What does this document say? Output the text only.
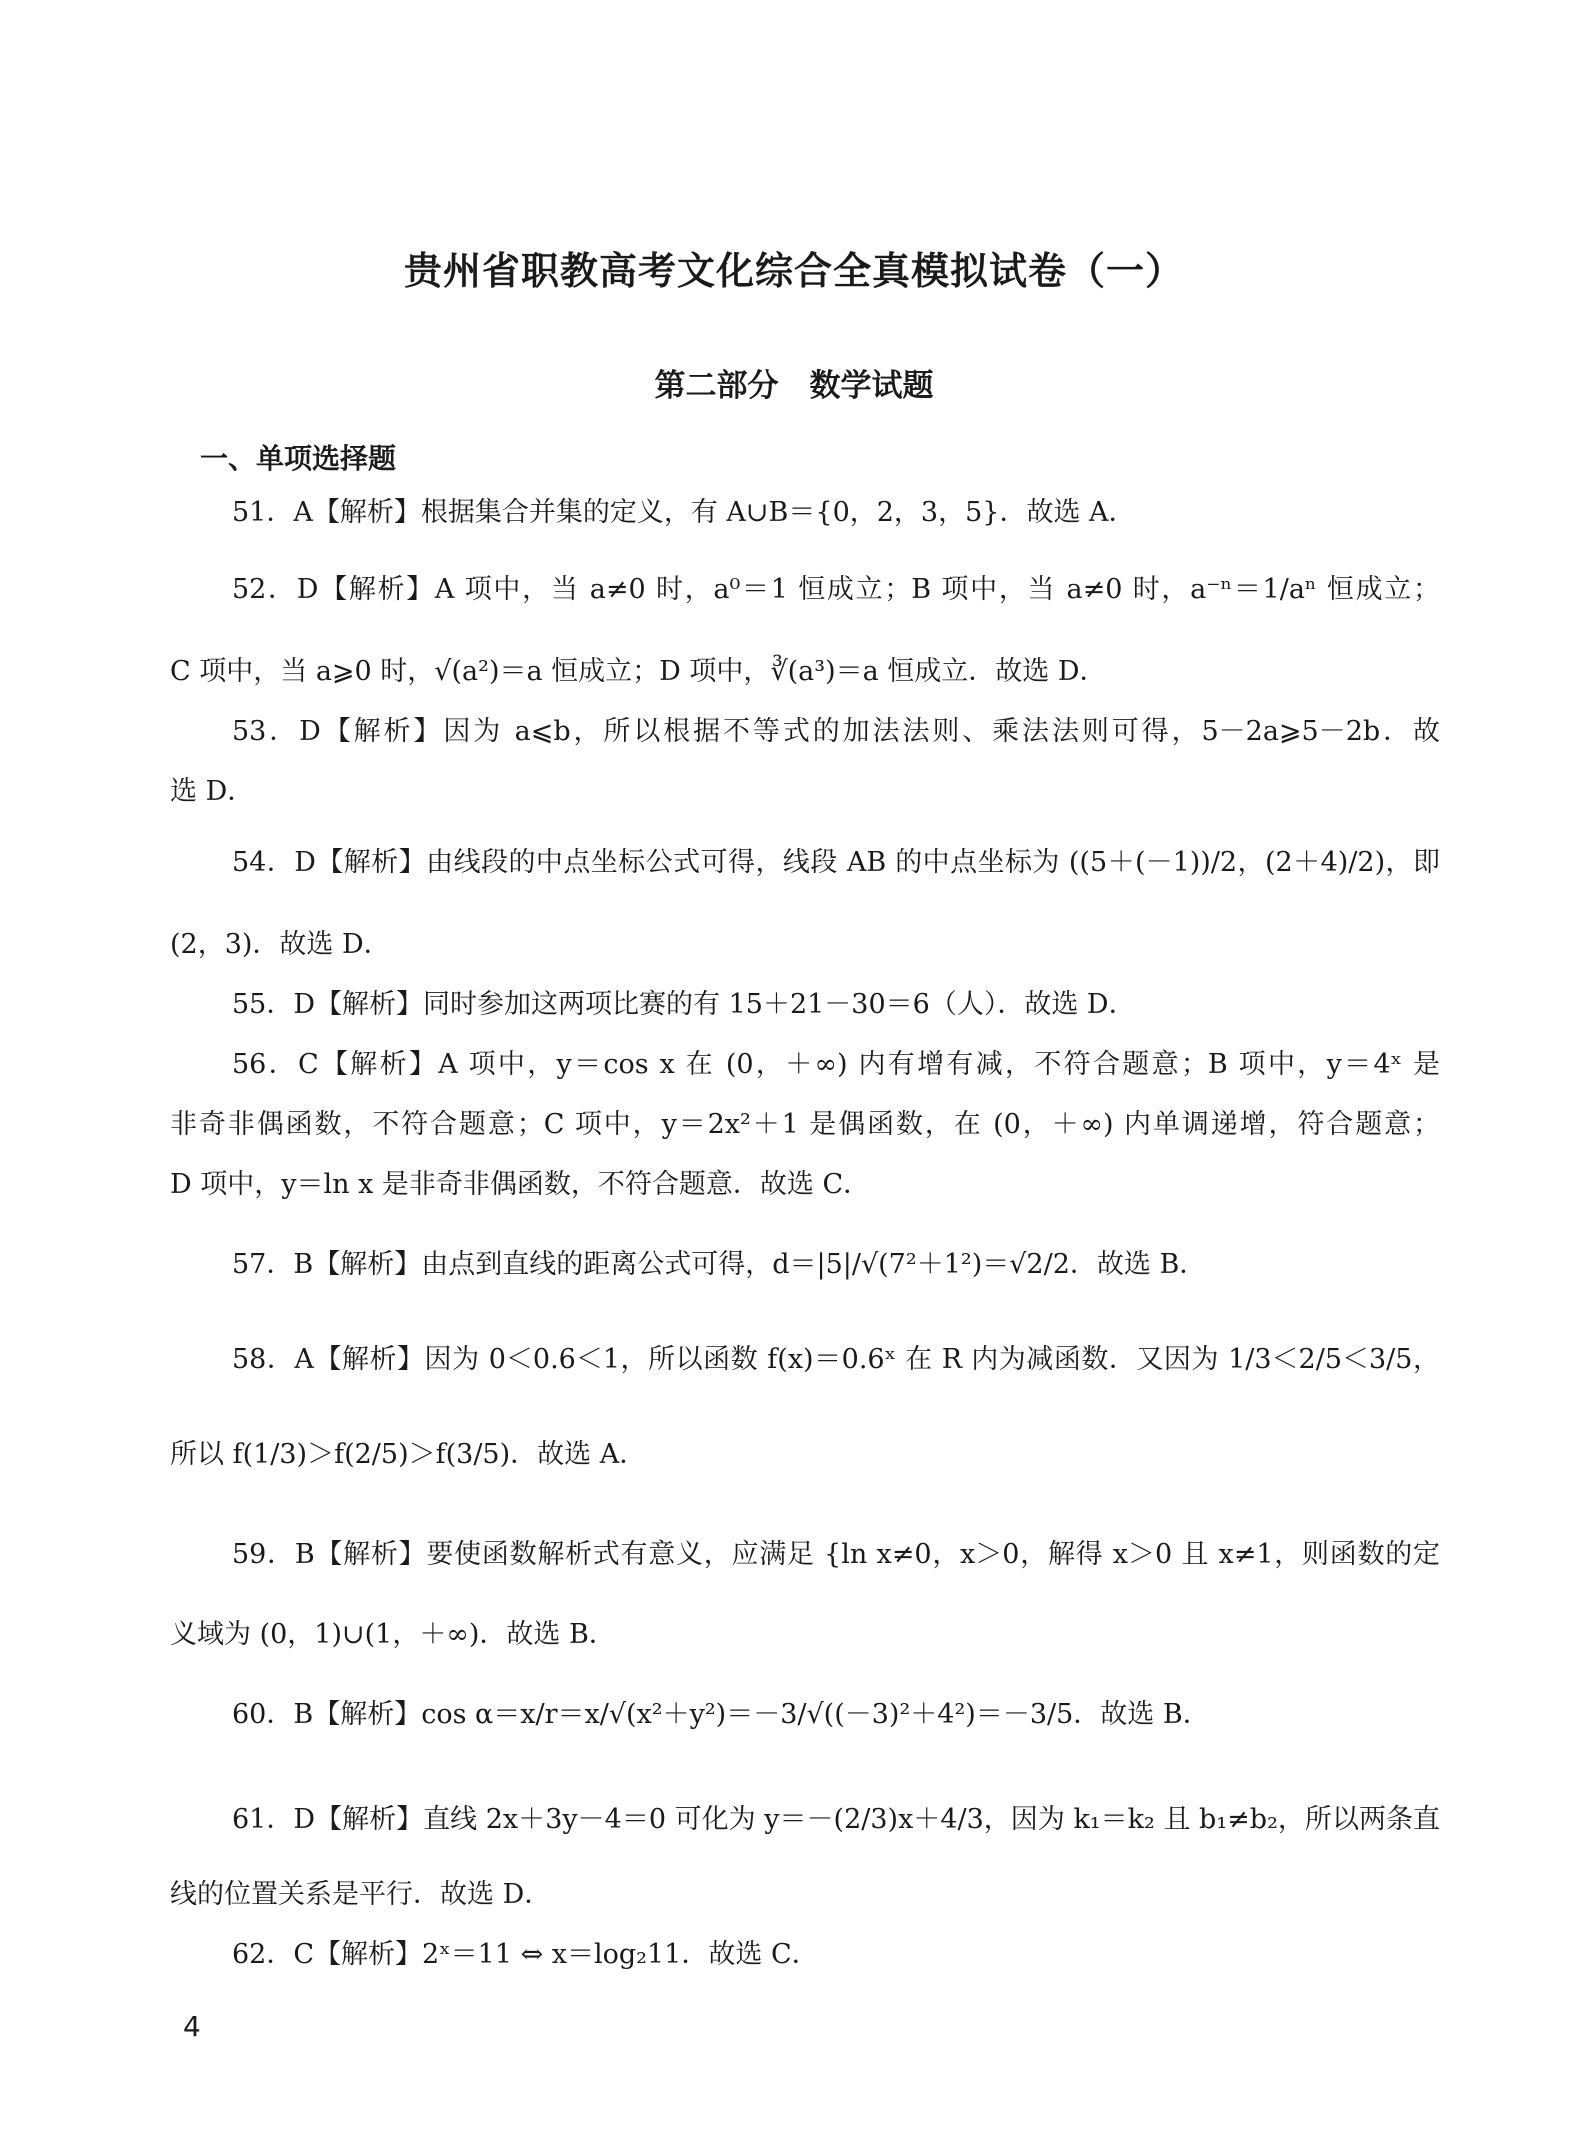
贵州省职教高考文化综合全真模拟试卷（一）
第二部分　数学试题
一、单项选择题
51．A【解析】根据集合并集的定义，有 A∪B＝{0，2，3，5}．故选 A．
52．D【解析】A 项中，当 a≠0 时，a⁰＝1 恒成立；B 项中，当 a≠0 时，a⁻ⁿ＝1/aⁿ 恒成立；
C 项中，当 a⩾0 时，√(a²)＝a 恒成立；D 项中，∛(a³)＝a 恒成立．故选 D．
53．D【解析】因为 a⩽b，所以根据不等式的加法法则、乘法法则可得，5－2a⩾5－2b．故
选 D．
54．D【解析】由线段的中点坐标公式可得，线段 AB 的中点坐标为 ((5＋(－1))/2，(2＋4)/2)，即
(2，3)．故选 D．
55．D【解析】同时参加这两项比赛的有 15＋21－30＝6（人）．故选 D．
56．C【解析】A 项中，y＝cos x 在 (0，＋∞) 内有增有减，不符合题意；B 项中，y＝4ˣ 是
非奇非偶函数，不符合题意；C 项中，y＝2x²＋1 是偶函数，在 (0，＋∞) 内单调递增，符合题意；
D 项中，y＝ln x 是非奇非偶函数，不符合题意．故选 C．
57．B【解析】由点到直线的距离公式可得，d＝|5|/√(7²＋1²)＝√2/2．故选 B．
58．A【解析】因为 0＜0.6＜1，所以函数 f(x)＝0.6ˣ 在 R 内为减函数．又因为 1/3＜2/5＜3/5，
所以 f(1/3)＞f(2/5)＞f(3/5)．故选 A．
59．B【解析】要使函数解析式有意义，应满足 {ln x≠0，x＞0，解得 x＞0 且 x≠1，则函数的定
义域为 (0，1)∪(1，＋∞)．故选 B．
60．B【解析】cos α＝x/r＝x/√(x²＋y²)＝－3/√((－3)²＋4²)＝－3/5．故选 B．
61．D【解析】直线 2x＋3y－4＝0 可化为 y＝－(2/3)x＋4/3，因为 k₁＝k₂ 且 b₁≠b₂，所以两条直
线的位置关系是平行．故选 D．
62．C【解析】2ˣ＝11 ⇔ x＝log₂11．故选 C．
4
